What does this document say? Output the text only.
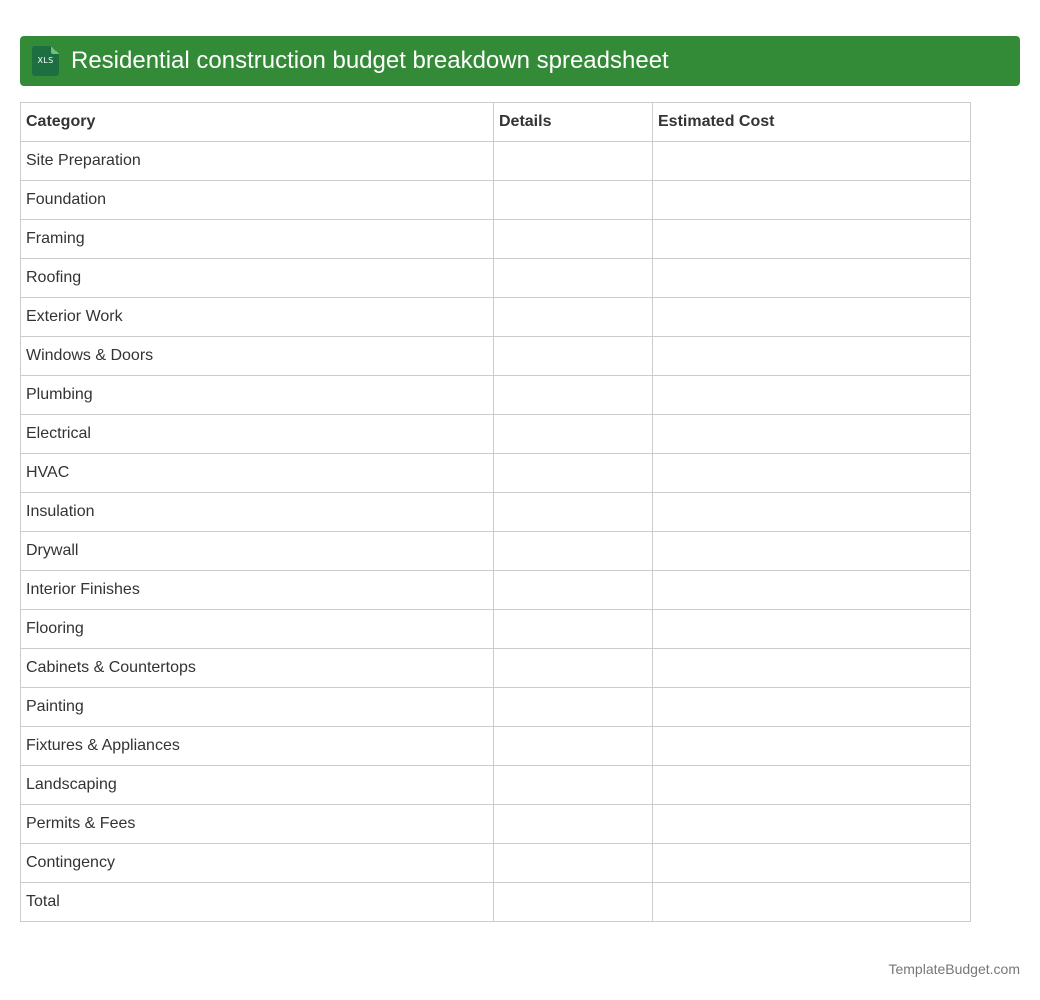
XLS Residential construction budget breakdown spreadsheet
Category	Details	Estimated Cost
Site Preparation		
Foundation		
Framing		
Roofing		
Exterior Work		
Windows & Doors		
Plumbing		
Electrical		
HVAC		
Insulation		
Drywall		
Interior Finishes		
Flooring		
Cabinets & Countertops		
Painting		
Fixtures & Appliances		
Landscaping		
Permits & Fees		
Contingency		
Total		
TemplateBudget.com
